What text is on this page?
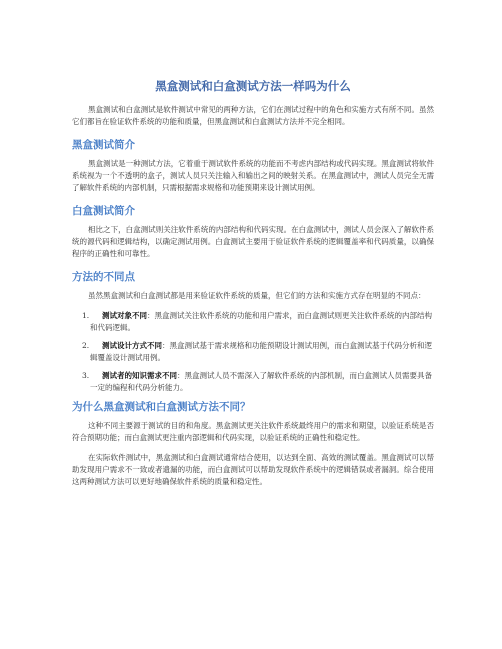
黑盒测试和白盒测试方法一样吗为什么

黑盒测试和白盒测试是软件测试中常见的两种方法，它们在测试过程中的角色和实施方式有所不同。虽然它们都旨在验证软件系统的功能和质量，但黑盒测试和白盒测试方法并不完全相同。

黑盒测试简介

黑盒测试是一种测试方法，它着重于测试软件系统的功能而不考虑内部结构或代码实现。黑盒测试将软件系统视为一个不透明的盒子，测试人员只关注输入和输出之间的映射关系。在黑盒测试中，测试人员完全无需了解软件系统的内部机制，只需根据需求规格和功能预期来设计测试用例。

白盒测试简介

相比之下，白盒测试则关注软件系统的内部结构和代码实现。在白盒测试中，测试人员会深入了解软件系统的源代码和逻辑结构，以确定测试用例。白盒测试主要用于验证软件系统的逻辑覆盖率和代码质量，以确保程序的正确性和可靠性。

方法的不同点

虽然黑盒测试和白盒测试都是用来验证软件系统的质量，但它们的方法和实施方式存在明显的不同点：

1. 测试对象不同：黑盒测试关注软件系统的功能和用户需求，而白盒测试则更关注软件系统的内部结构和代码逻辑。
2. 测试设计方式不同：黑盒测试基于需求规格和功能预期设计测试用例，而白盒测试基于代码分析和逻辑覆盖设计测试用例。
3. 测试者的知识需求不同：黑盒测试人员不需深入了解软件系统的内部机制，而白盒测试人员需要具备一定的编程和代码分析能力。
为什么黑盒测试和白盒测试方法不同？

这种不同主要源于测试的目的和角度。黑盒测试更关注软件系统最终用户的需求和期望，以验证系统是否符合预期功能；而白盒测试更注重内部逻辑和代码实现，以验证系统的正确性和稳定性。

在实际软件测试中，黑盒测试和白盒测试通常结合使用，以达到全面、高效的测试覆盖。黑盒测试可以帮助发现用户需求不一致或者遗漏的功能，而白盒测试可以帮助发现软件系统中的逻辑错误或者漏洞。综合使用这两种测试方法可以更好地确保软件系统的质量和稳定性。
